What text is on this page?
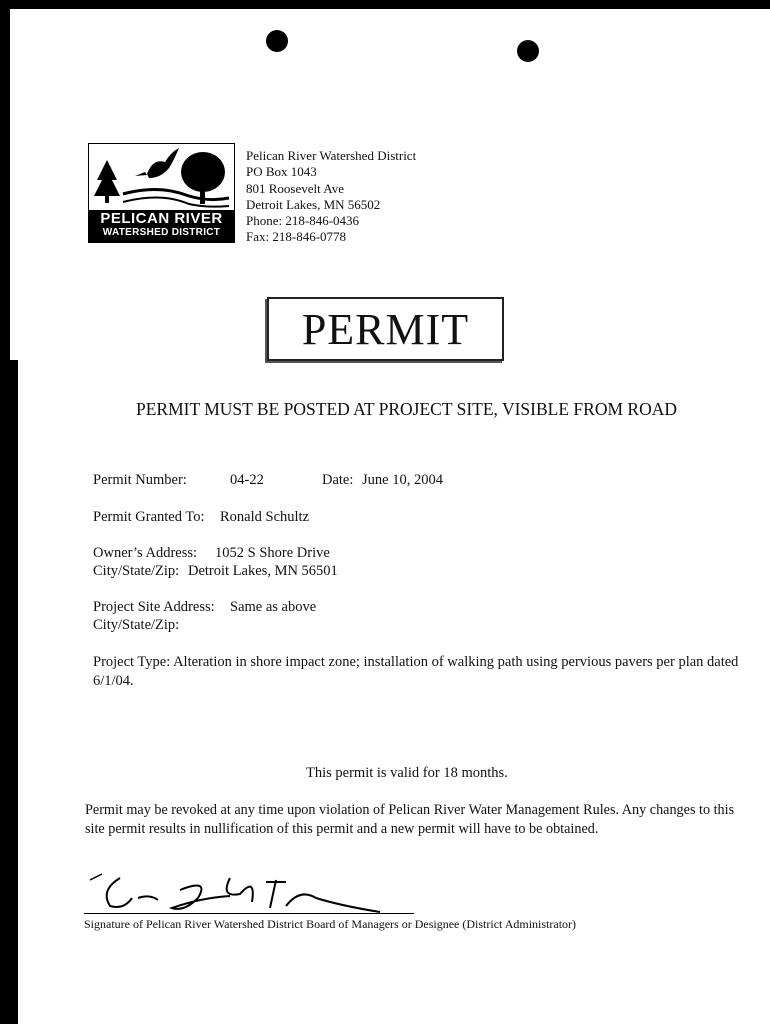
PELICAN RIVER
WATERSHED DISTRICT
Pelican River Watershed District
PO Box 1043
801 Roosevelt Ave
Detroit Lakes, MN 56502
Phone: 218-846-0436
Fax: 218-846-0778
PERMIT
PERMIT MUST BE POSTED AT PROJECT SITE, VISIBLE FROM ROAD
Permit Number:	04-22	Date: June 10, 2004
Permit Granted To: Ronald Schultz
Owner’s Address: 1052 S Shore Drive
City/State/Zip: Detroit Lakes, MN 56501
Project Site Address: Same as above
City/State/Zip:
Project Type: Alteration in shore impact zone; installation of walking path using pervious pavers per plan dated 6/1/04.
This permit is valid for 18 months.
Permit may be revoked at any time upon violation of Pelican River Water Management Rules. Any changes to this site permit results in nullification of this permit and a new permit will have to be obtained.
Signature of Pelican River Watershed District Board of Managers or Designee (District Administrator)
